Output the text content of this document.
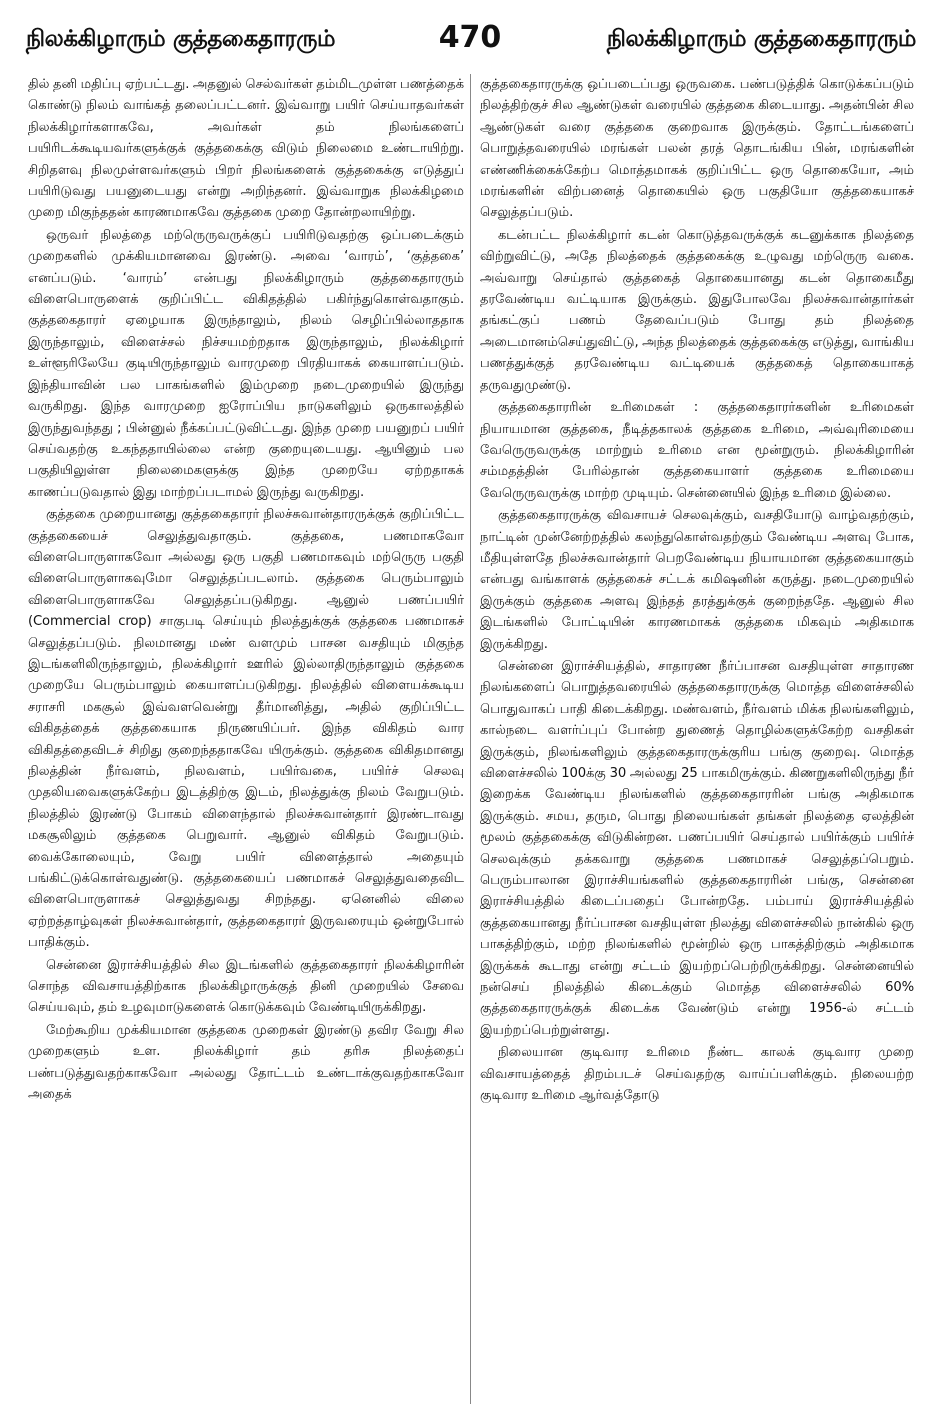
நிலக்கிழாரும் குத்தகைதாரரும்	470	நிலக்கிழாரும் குத்தகைதாரரும்

தில் தனி மதிப்பு ஏற்பட்டது. அதனுல் செல்வர்கள் தம்மிடமுள்ள பணத்தைக் கொண்டு நிலம் வாங்கத் தலைப்பட்டனர். இவ்வாறு பயிர் செய்யாதவர்கள் நிலக்கிழார்களாகவே, அவர்கள் தம் நிலங்களைப் பயிரிடக்கூடியவர்களுக்குக் குத்தகைக்கு விடும் நிலைமை உண்டாயிற்று. சிறிதளவு நிலமுள்ளவர்களும் பிறர் நிலங்களைக் குத்தகைக்கு எடுத்துப் பயிரிடுவது பயனுடையது என்று அறிந்தனர். இவ்வாறுக நிலக்கிழமை முறை மிகுந்ததன் காரணமாகவே குத்தகை முறை தோன்றலாயிற்று.

ஒருவர் நிலத்தை மற்ருெருவருக்குப் பயிரிடுவதற்கு ஒப்படைக்கும் முறைகளில் முக்கியமானவை இரண்டு. அவை ‘வாரம்’, ‘குத்தகை’ எனப்படும். ‘வாரம்’ என்பது நிலக்கிழாரும் குத்தகைதாரரும் விளைபொருளைக் குறிப்பிட்ட விகிதத்தில் பகிர்ந்துகொள்வதாகும். குத்தகைதாரர் ஏழையாக இருந்தாலும், நிலம் செழிப்பில்லாததாக இருந்தாலும், விளைச்சல் நிச்சயமற்றதாக இருந்தாலும், நிலக்கிழார் உள்ளூரிலேயே குடியிருந்தாலும் வாரமுறை பிரதியாகக் கையாளப்படும். இந்தியாவின் பல பாகங்களில் இம்முறை நடைமுறையில் இருந்து வருகிறது. இந்த வாரமுறை ஐரோப்பிய நாடுகளிலும் ஒருகாலத்தில் இருந்துவந்தது ; பின்னுல் நீக்கப்பட்டுவிட்டது. இந்த முறை பயனுறப் பயிர் செய்வதற்கு உகந்ததாயில்லை என்ற குறையுடையது. ஆயினும் பல பகுதியிலுள்ள நிலைமைகளுக்கு இந்த முறையே ஏற்றதாகக் காணப்படுவதால் இது மாற்றப்படாமல் இருந்து வருகிறது.

குத்தகை முறையானது குத்தகைதாரர் நிலச்சுவான்தாரருக்குக் குறிப்பிட்ட குத்தகையைச் செலுத்துவதாகும். குத்தகை, பணமாகவோ விளைபொருளாகவோ அல்லது ஒரு பகுதி பணமாகவும் மற்ருெரு பகுதி விளைபொருளாகவுமோ செலுத்தப்படலாம். குத்தகை பெரும்பாலும் விளைபொருளாகவே செலுத்தப்படுகிறது. ஆனுல் பணப்பயிர் (Commercial crop) சாகுபடி செய்யும் நிலத்துக்குக் குத்தகை பணமாகச் செலுத்தப்படும். நிலமானது மண் வளமும் பாசன வசதியும் மிகுந்த இடங்களிலிருந்தாலும், நிலக்கிழார் ஊரில் இல்லாதிருந்தாலும் குத்தகை முறையே பெரும்பாலும் கையாளப்படுகிறது. நிலத்தில் விளையக்கூடிய சராசரி மகசூல் இவ்வளவென்று தீர்மானித்து, அதில் குறிப்பிட்ட விகிதத்தைக் குத்தகையாக நிருணயிப்பர். இந்த விகிதம் வார விகிதத்தைவிடச் சிறிது குறைந்ததாகவே யிருக்கும். குத்தகை விகிதமானது நிலத்தின் நீர்வளம், நிலவளம், பயிர்வகை, பயிர்ச் செலவு முதலியவைகளுக்கேற்ப இடத்திற்கு இடம், நிலத்துக்கு நிலம் வேறுபடும். நிலத்தில் இரண்டு போகம் விளைந்தால் நிலச்சுவான்தார் இரண்டாவது மகசூலிலும் குத்தகை பெறுவார். ஆனுல் விகிதம் வேறுபடும். வைக்கோலையும், வேறு பயிர் விளைத்தால் அதையும் பங்கிட்டுக்கொள்வதுண்டு. குத்தகையைப் பணமாகச் செலுத்துவதைவிட விளைபொருளாகச் செலுத்துவது சிறந்தது. ஏனெனில் விலை ஏற்றத்தாழ்வுகள் நிலச்சுவான்தார், குத்தகைதாரர் இருவரையும் ஒன்றுபோல் பாதிக்கும்.

சென்னை இராச்சியத்தில் சில இடங்களில் குத்தகைதாரர் நிலக்கிழாரின் சொந்த விவசாயத்திற்காக நிலக்கிழாருக்குத் தினி முறையில் சேவை செய்யவும், தம் உழவுமாடுகளைக் கொடுக்கவும் வேண்டியிருக்கிறது.

மேற்கூறிய முக்கியமான குத்தகை முறைகள் இரண்டு தவிர வேறு சில முறைகளும் உள. நிலக்கிழார் தம் தரிசு நிலத்தைப் பண்படுத்துவதற்காகவோ அல்லது தோட்டம் உண்டாக்குவதற்காகவோ அதைக்

குத்தகைதாரருக்கு ஒப்படைப்பது ஒருவகை. பண்படுத்திக் கொடுக்கப்படும் நிலத்திற்குச் சில ஆண்டுகள் வரையில் குத்தகை கிடையாது. அதன்பின் சில ஆண்டுகள் வரை குத்தகை குறைவாக இருக்கும். தோட்டங்களைப் பொறுத்தவரையில் மரங்கள் பலன் தரத் தொடங்கிய பின், மரங்களின் எண்ணிக்கைக்கேற்ப மொத்தமாகக் குறிப்பிட்ட ஒரு தொகையோ, அம் மரங்களின் விற்பனைத் தொகையில் ஒரு பகுதியோ குத்தகையாகச் செலுத்தப்படும்.

கடன்பட்ட நிலக்கிழார் கடன் கொடுத்தவருக்குக் கடனுக்காக நிலத்தை விற்றுவிட்டு, அதே நிலத்தைக் குத்தகைக்கு உழுவது மற்ருெரு வகை. அவ்வாறு செய்தால் குத்தகைத் தொகையானது கடன் தொகைமீது தரவேண்டிய வட்டியாக இருக்கும். இதுபோலவே நிலச்சுவான்தார்கள் தங்கட்குப் பணம் தேவைப்படும் போது தம் நிலத்தை அடைமானம்செய்துவிட்டு, அந்த நிலத்தைக் குத்தகைக்கு எடுத்து, வாங்கிய பணத்துக்குத் தரவேண்டிய வட்டியைக் குத்தகைத் தொகையாகத் தருவதுமுண்டு.

குத்தகைதாரரின் உரிமைகள் : குத்தகைதாரர்களின் உரிமைகள் நியாயமான குத்தகை, நீடித்தகாலக் குத்தகை உரிமை, அவ்வுரிமையை வேருெருவருக்கு மாற்றும் உரிமை என மூன்றுரும். நிலக்கிழாரின் சம்மதத்தின் பேரில்தான் குத்தகையாளர் குத்தகை உரிமையை வேருெருவருக்கு மாற்ற முடியும். சென்னையில் இந்த உரிமை இல்லை.

குத்தகைதாரருக்கு விவசாயச் செலவுக்கும், வசதியோடு வாழ்வதற்கும், நாட்டின் முன்னேற்றத்தில் கலந்துகொள்வதற்கும் வேண்டிய அளவு போக, மீதியுள்ளதே நிலச்சுவான்தார் பெறவேண்டிய நியாயமான குத்தகையாகும் என்பது வங்காளக் குத்தகைச் சட்டக் கமிஷனின் கருத்து. நடைமுறையில் இருக்கும் குத்தகை அளவு இந்தத் தரத்துக்குக் குறைந்ததே. ஆனுல் சில இடங்களில் போட்டியின் காரணமாகக் குத்தகை மிகவும் அதிகமாக இருக்கிறது.

சென்னை இராச்சியத்தில், சாதாரண நீர்ப்பாசன வசதியுள்ள சாதாரண நிலங்களைப் பொறுத்தவரையில் குத்தகைதாரருக்கு மொத்த விளைச்சலில் பொதுவாகப் பாதி கிடைக்கிறது. மண்வளம், நீர்வளம் மிக்க நிலங்களிலும், கால்நடை வளர்ப்புப் போன்ற துணைத் தொழில்களுக்கேற்ற வசதிகள் இருக்கும், நிலங்களிலும் குத்தகைதாரருக்குரிய பங்கு குறைவு. மொத்த விளைச்சலில் 100க்கு 30 அல்லது 25 பாகமிருக்கும். கிணறுகளிலிருந்து நீர் இறைக்க வேண்டிய நிலங்களில் குத்தகைதாரரின் பங்கு அதிகமாக இருக்கும். சமய, தரும, பொது நிலையங்கள் தங்கள் நிலத்தை ஏலத்தின் மூலம் குத்தகைக்கு விடுகின்றன. பணப்பயிர் செய்தால் பயிர்க்கும் பயிர்ச் செலவுக்கும் தக்கவாறு குத்தகை பணமாகச் செலுத்தப்பெறும். பெரும்பாலான இராச்சியங்களில் குத்தகைதாரரின் பங்கு, சென்னை இராச்சியத்தில் கிடைப்பதைப் போன்றதே. பம்பாய் இராச்சியத்தில் குத்தகையானது நீர்ப்பாசன வசதியுள்ள நிலத்து விளைச்சலில் நான்கில் ஒரு பாகத்திற்கும், மற்ற நிலங்களில் மூன்றில் ஒரு பாகத்திற்கும் அதிகமாக இருக்கக் கூடாது என்று சட்டம் இயற்றப்பெற்றிருக்கிறது. சென்னையில் நன்செய் நிலத்தில் கிடைக்கும் மொத்த விளைச்சலில் 60% குத்தகைதாரருக்குக் கிடைக்க வேண்டும் என்று 1956-ல் சட்டம் இயற்றப்பெற்றுள்ளது.

நிலையான குடிவார உரிமை நீண்ட காலக் குடிவார முறை விவசாயத்தைத் திறம்படச் செய்வதற்கு வாய்ப்பளிக்கும். நிலையற்ற குடிவார உரிமை ஆர்வத்தோடு
